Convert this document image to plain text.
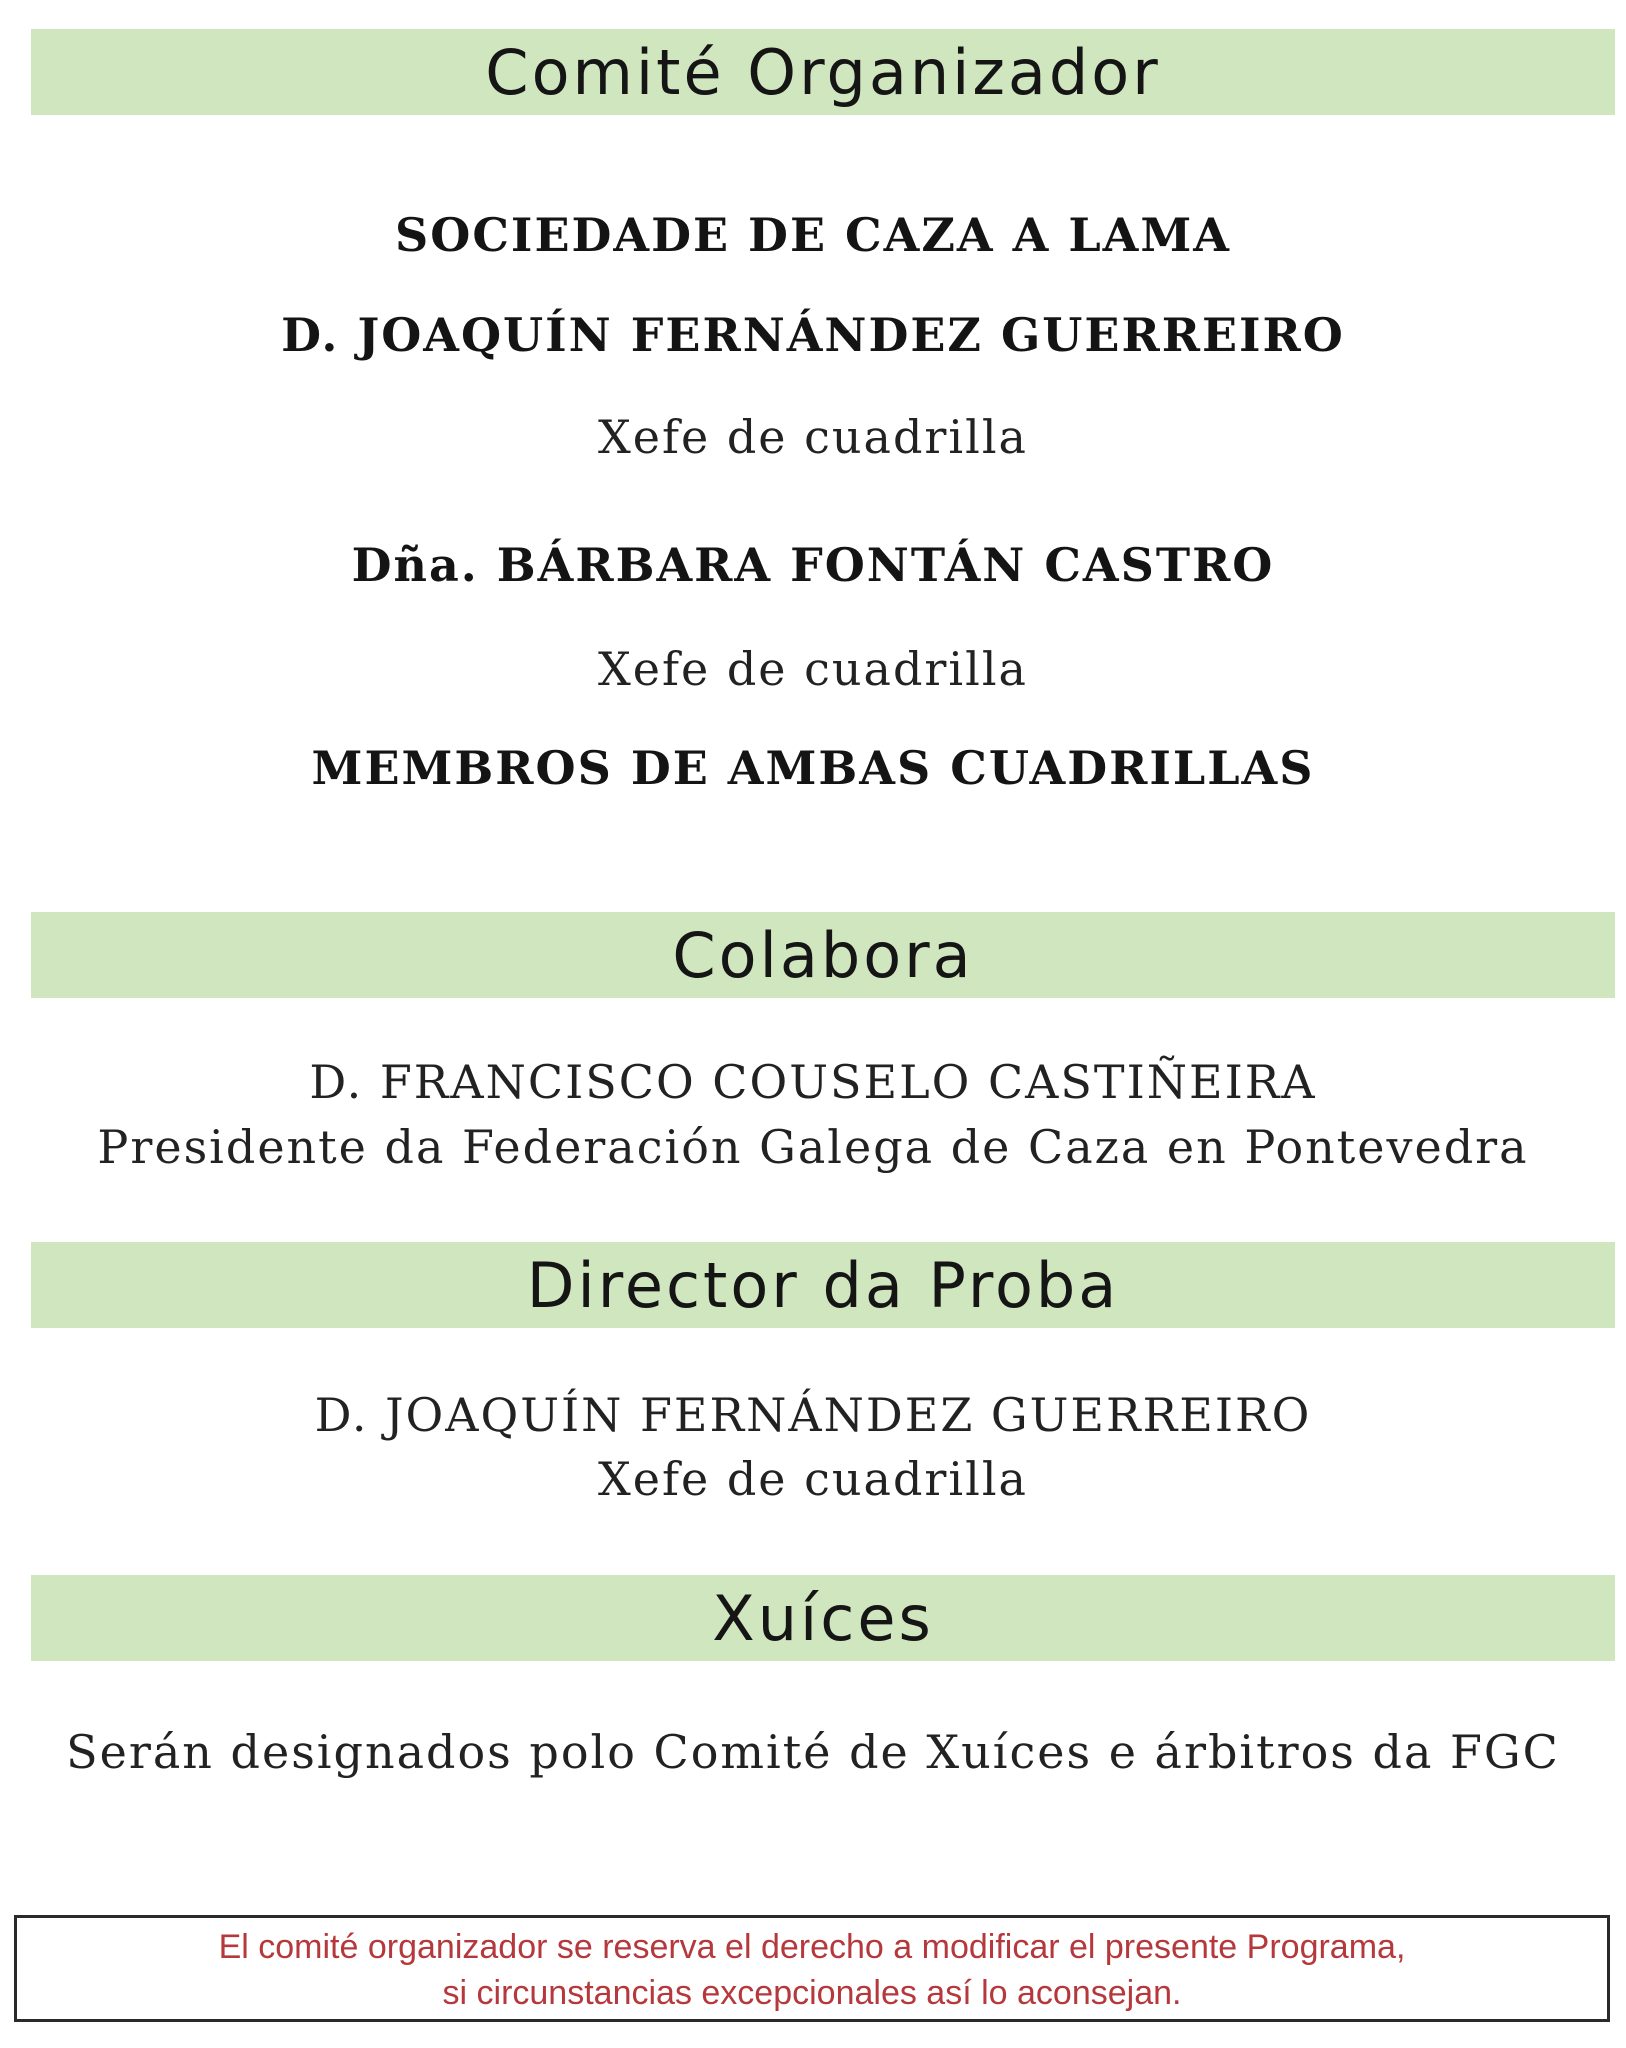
Comité Organizador
SOCIEDADE DE CAZA A LAMA
D. JOAQUÍN FERNÁNDEZ GUERREIRO
Xefe de cuadrilla
Dña. BÁRBARA FONTÁN CASTRO
Xefe de cuadrilla
MEMBROS DE AMBAS CUADRILLAS
Colabora
D. FRANCISCO COUSELO CASTIÑEIRA
Presidente da Federación Galega de Caza en Pontevedra
Director da Proba
D. JOAQUÍN FERNÁNDEZ GUERREIRO
Xefe de cuadrilla
Xuíces
Serán designados polo Comité de Xuíces e árbitros da FGC
El comité organizador se reserva el derecho a modificar el presente Programa,
si circunstancias excepcionales así lo aconsejan.
